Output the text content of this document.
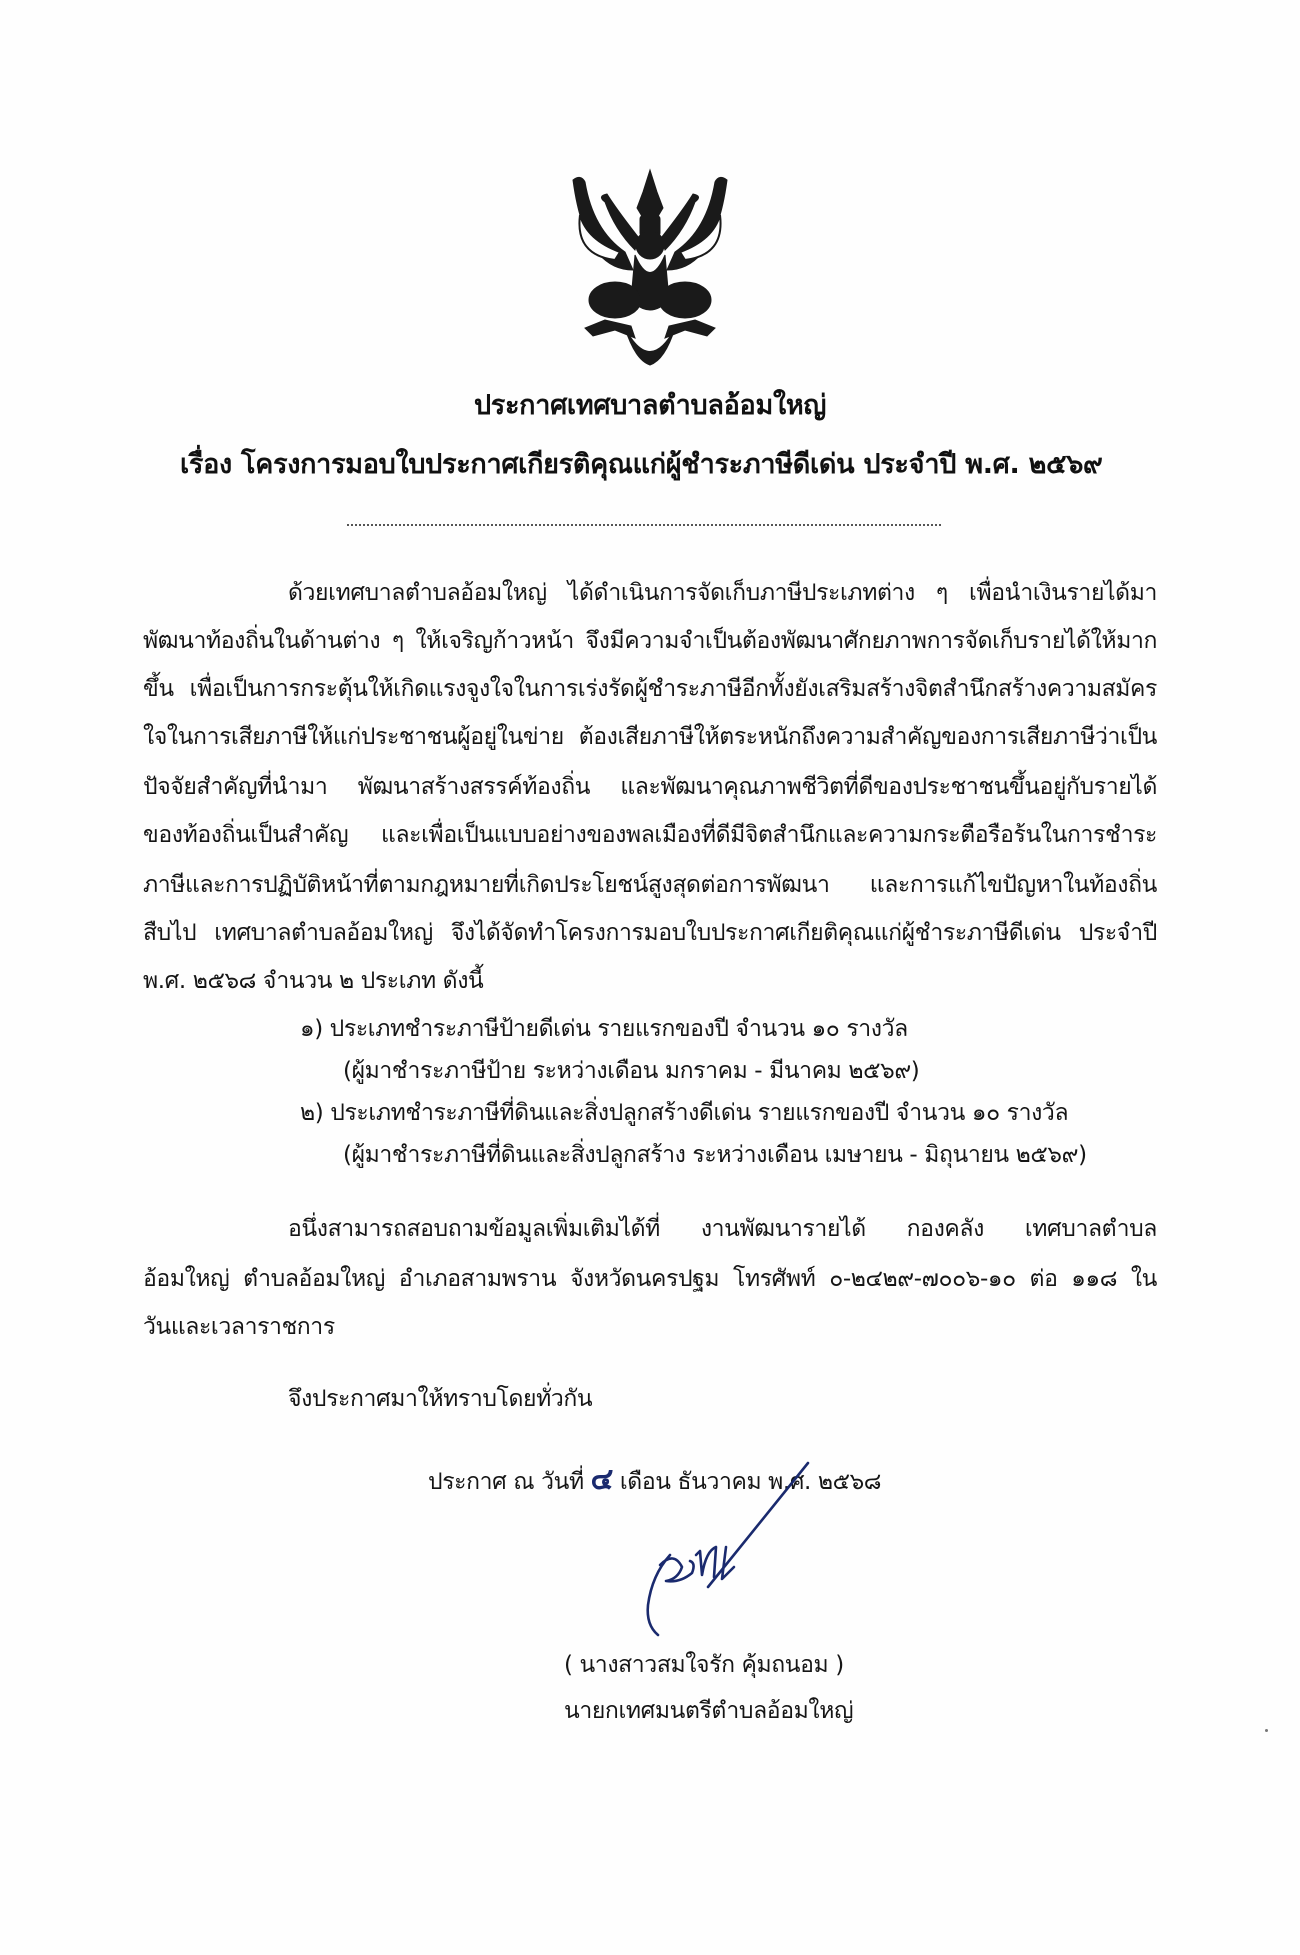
ประกาศเทศบาลตำบลอ้อมใหญ่
เรื่อง โครงการมอบใบประกาศเกียรติคุณแก่ผู้ชำระภาษีดีเด่น ประจำปี พ.ศ. ๒๕๖๙
ด้วยเทศบาลตำบลอ้อมใหญ่ ได้ดำเนินการจัดเก็บภาษีประเภทต่าง ๆ เพื่อนำเงินรายได้มา
พัฒนาท้องถิ่นในด้านต่าง ๆ ให้เจริญก้าวหน้า จึงมีความจำเป็นต้องพัฒนาศักยภาพการจัดเก็บรายได้ให้มาก
ขึ้น เพื่อเป็นการกระตุ้นให้เกิดแรงจูงใจในการเร่งรัดผู้ชำระภาษีอีกทั้งยังเสริมสร้างจิตสำนึกสร้างความสมัคร
ใจในการเสียภาษีให้แก่ประชาชนผู้อยู่ในข่าย ต้องเสียภาษีให้ตระหนักถึงความสำคัญของการเสียภาษีว่าเป็น
ปัจจัยสำคัญที่นำมา พัฒนาสร้างสรรค์ท้องถิ่น และพัฒนาคุณภาพชีวิตที่ดีของประชาชนขึ้นอยู่กับรายได้
ของท้องถิ่นเป็นสำคัญ และเพื่อเป็นแบบอย่างของพลเมืองที่ดีมีจิตสำนึกและความกระตือรือร้นในการชำระ
ภาษีและการปฏิบัติหน้าที่ตามกฎหมายที่เกิดประโยชน์สูงสุดต่อการพัฒนา และการแก้ไขปัญหาในท้องถิ่น
สืบไป เทศบาลตำบลอ้อมใหญ่ จึงได้จัดทำโครงการมอบใบประกาศเกียติคุณแก่ผู้ชำระภาษีดีเด่น ประจำปี
พ.ศ. ๒๕๖๘ จำนวน ๒ ประเภท ดังนี้
๑) ประเภทชำระภาษีป้ายดีเด่น รายแรกของปี จำนวน ๑๐ รางวัล
(ผู้มาชำระภาษีป้าย ระหว่างเดือน มกราคม - มีนาคม ๒๕๖๙)
๒) ประเภทชำระภาษีที่ดินและสิ่งปลูกสร้างดีเด่น รายแรกของปี จำนวน ๑๐ รางวัล
(ผู้มาชำระภาษีที่ดินและสิ่งปลูกสร้าง ระหว่างเดือน เมษายน - มิถุนายน ๒๕๖๙)
อนึ่งสามารถสอบถามข้อมูลเพิ่มเติมได้ที่ งานพัฒนารายได้ กองคลัง เทศบาลตำบล
อ้อมใหญ่ ตำบลอ้อมใหญ่ อำเภอสามพราน จังหวัดนครปฐม โทรศัพท์ ๐-๒๔๒๙-๗๐๐๖-๑๐ ต่อ ๑๑๘ ใน
วันและเวลาราชการ
จึงประกาศมาให้ทราบโดยทั่วกัน
ประกาศ ณ วันที่ ๔ เดือน ธันวาคม พ.ศ. ๒๕๖๘
( นางสาวสมใจรัก คุ้มถนอม )
นายกเทศมนตรีตำบลอ้อมใหญ่
